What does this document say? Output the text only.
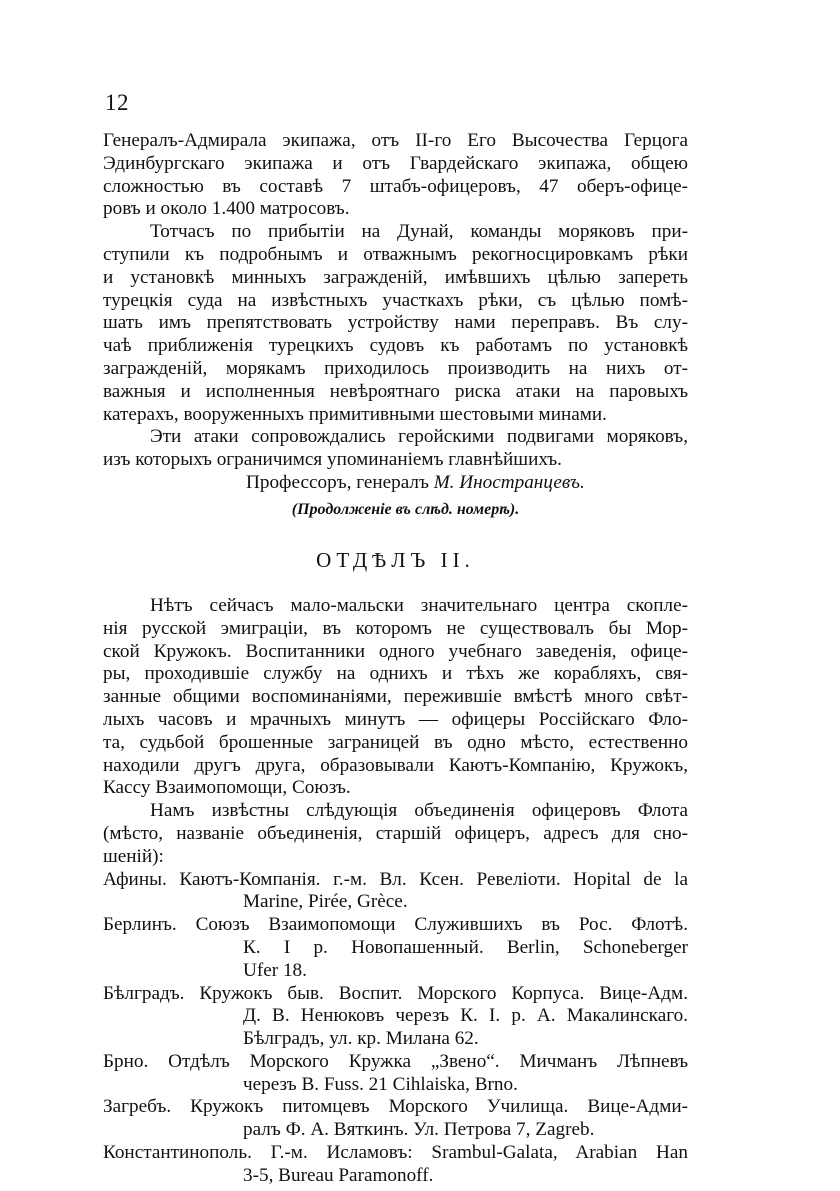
12
Генералъ-Адмирала экипажа, отъ II-го Его Высочества Герцога
Эдинбургскаго экипажа и отъ Гвардейскаго экипажа, общею
сложностью въ составѣ 7 штабъ-офицеровъ, 47 оберъ-офице-
ровъ и около 1.400 матросовъ.
Тотчасъ по прибытіи на Дунай, команды моряковъ при-
ступили къ подробнымъ и отважнымъ рекогносцировкамъ рѣки
и установкѣ минныхъ загражденій, имѣвшихъ цѣлью запереть
турецкія суда на извѣстныхъ участкахъ рѣки, съ цѣлью помѣ-
шать имъ препятствовать устройству нами переправъ. Въ слу-
чаѣ приближенія турецкихъ судовъ къ работамъ по установкѣ
загражденій, морякамъ приходилось производить на нихъ от-
важныя и исполненныя невѣроятнаго риска атаки на паровыхъ
катерахъ, вооруженныхъ примитивными шестовыми минами.
Эти атаки сопровождались геройскими подвигами моряковъ,
изъ которыхъ ограничимся упоминаніемъ главнѣйшихъ.
Профессоръ, генералъ М. Иностранцевъ.
(Продолженіе въ слѣд. номерѣ).
ОТДѢЛЪ II.
Нѣтъ сейчасъ мало-мальски значительнаго центра скопле-
нія русской эмиграціи, въ которомъ не существовалъ бы Мор-
ской Кружокъ. Воспитанники одного учебнаго заведенія, офице-
ры, проходившіе службу на однихъ и тѣхъ же корабляхъ, свя-
занные общими воспоминаніями, пережившіе вмѣстѣ много свѣт-
лыхъ часовъ и мрачныхъ минутъ — офицеры Россійскаго Фло-
та, судьбой брошенные заграницей въ одно мѣсто, естественно
находили другъ друга, образовывали Каютъ-Компанію, Кружокъ,
Кассу Взаимопомощи, Союзъ.
Намъ извѣстны слѣдующія объединенія офицеровъ Флота
(мѣсто, названіе объединенія, старшій офицеръ, адресъ для сно-
шеній):
Афины. Каютъ-Компанія. г.-м. Вл. Ксен. Ревеліоти. Hopital de la
Marine, Pirée, Grèce.
Берлинъ. Союзъ Взаимопомощи Служившихъ въ Рос. Флотѣ.
К. I р. Новопашенный. Berlin, Schoneberger
Ufer 18.
Бѣлградъ. Кружокъ быв. Воспит. Морского Корпуса. Вице-Адм.
Д. В. Ненюковъ черезъ К. I. р. А. Макалинскаго.
Бѣлградъ, ул. кр. Милана 62.
Брно. Отдѣлъ Морского Кружка „Звено“. Мичманъ Лѣпневъ
черезъ B. Fuss. 21 Cihlaiska, Brno.
Загребъ. Кружокъ питомцевъ Морского Училища. Вице-Адми-
ралъ Ф. А. Вяткинъ. Ул. Петрова 7, Zagreb.
Константинополь. Г.-м. Исламовъ: Srambul-Galata, Arabian Han
3-5, Bureau Paramonoff.
